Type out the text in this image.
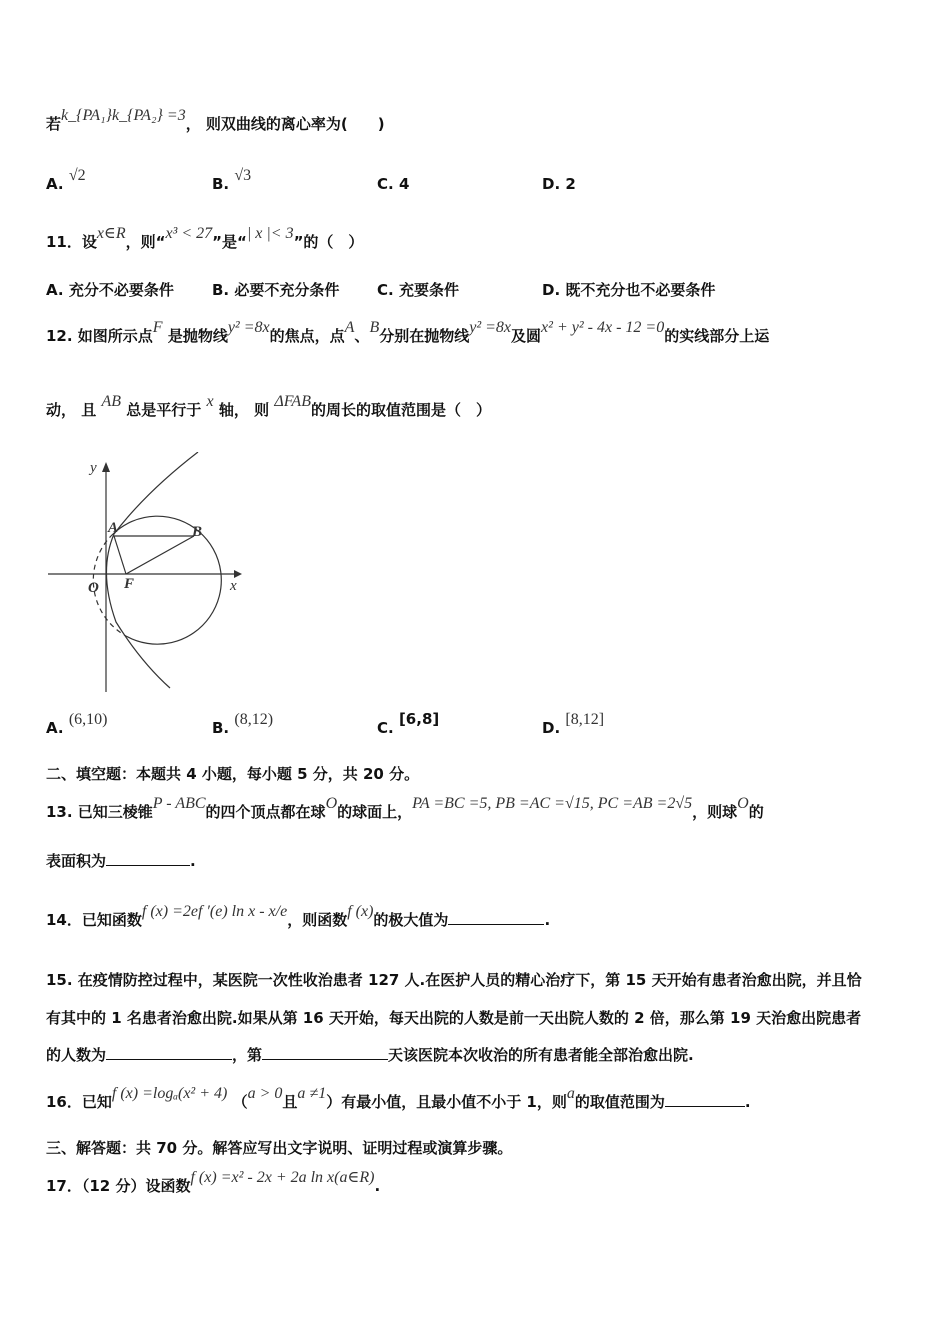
若k_{PA₁}k_{PA₂} =3， 则双曲线的离心率为(　　)
A. √2	B. √3	C. 4	D. 2
11．设x∈R，则“x³ < 27”是“| x |< 3”的（　）
A. 充分不必要条件	B. 必要不充分条件	C. 充要条件	D. 既不充分也不必要条件
12. 如图所示点F 是抛物线y² =8x的焦点，点A、B分别在抛物线y² =8x及圆x² + y² - 4x - 12 =0的实线部分上运
动， 且 AB 总是平行于 x 轴， 则 ΔFAB的周长的取值范围是（　）
y
x
O F
A	B
A. (6,10)	B. (8,12)	C. [6,8]	D. [8,12]
二、填空题：本题共 4 小题，每小题 5 分，共 20 分。
13. 已知三棱锥P - ABC的四个顶点都在球O的球面上，PA =BC =5, PB =AC =√15, PC =AB =2√5，则球O的
表面积为	.
14．已知函数f (x) =2ef ′(e) ln x - x/e，则函数f (x)的极大值为	.
15. 在疫情防控过程中，某医院一次性收治患者 127 人.在医护人员的精心治疗下，第 15 天开始有患者治愈出院，并且恰
有其中的 1 名患者治愈出院.如果从第 16 天开始，每天出院的人数是前一天出院人数的 2 倍，那么第 19 天治愈出院患者
的人数为	，第	天该医院本次收治的所有患者能全部治愈出院.
16．已知f (x) =logₐ(x² + 4) （a > 0且a ≠1）有最小值，且最小值不小于 1，则a的取值范围为	.
三、解答题：共 70 分。解答应写出文字说明、证明过程或演算步骤。
17．（12 分）设函数f (x) =x² - 2x + 2a ln x(a∈R).
